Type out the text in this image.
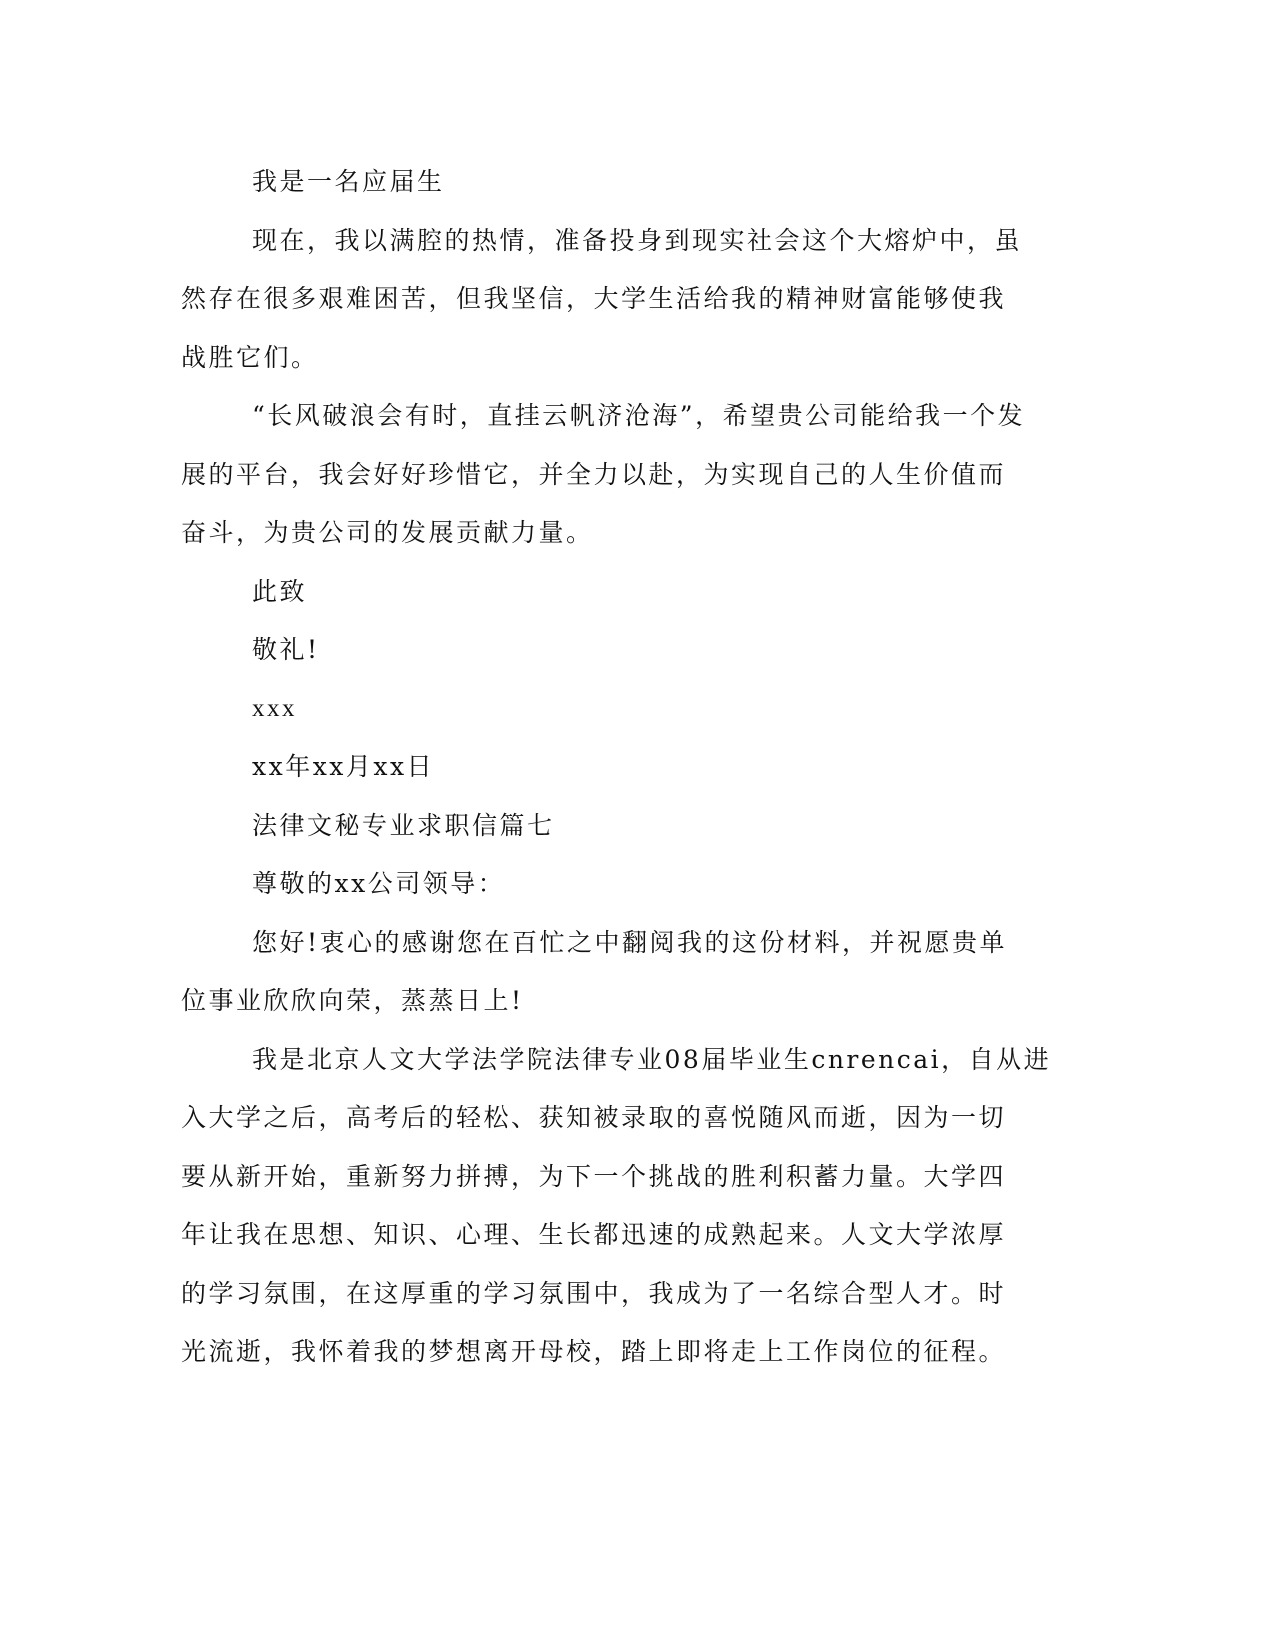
我是一名应届生
现在，我以满腔的热情，准备投身到现实社会这个大熔炉中，虽
然存在很多艰难困苦，但我坚信，大学生活给我的精神财富能够使我
战胜它们。
“长风破浪会有时，直挂云帆济沧海”，希望贵公司能给我一个发
展的平台，我会好好珍惜它，并全力以赴，为实现自己的人生价值而
奋斗，为贵公司的发展贡献力量。
此致
敬礼!
xxx
xx年xx月xx日
法律文秘专业求职信篇七
尊敬的xx公司领导：
您好!衷心的感谢您在百忙之中翻阅我的这份材料，并祝愿贵单
位事业欣欣向荣，蒸蒸日上!
我是北京人文大学法学院法律专业08届毕业生cnrencai，自从进
入大学之后，高考后的轻松、获知被录取的喜悦随风而逝，因为一切
要从新开始，重新努力拼搏，为下一个挑战的胜利积蓄力量。大学四
年让我在思想、知识、心理、生长都迅速的成熟起来。人文大学浓厚
的学习氛围，在这厚重的学习氛围中，我成为了一名综合型人才。时
光流逝，我怀着我的梦想离开母校，踏上即将走上工作岗位的征程。
